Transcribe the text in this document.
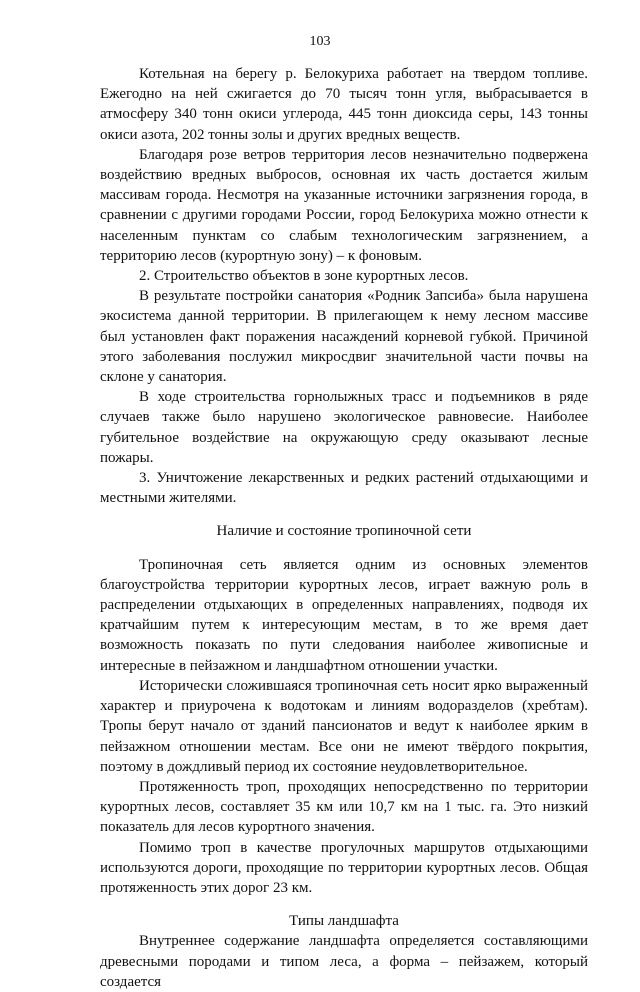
103

Котельная на берегу р. Белокуриха работает на твердом топливе. Ежегодно на ней сжигается до 70 тысяч тонн угля, выбрасывается в атмосферу 340 тонн окиси углерода, 445 тонн диоксида серы, 143 тонны окиси азота, 202 тонны золы и других вредных веществ.

Благодаря розе ветров территория лесов незначительно подвержена воздействию вредных выбросов, основная их часть достается жилым массивам города. Несмотря на указанные источники загрязнения города, в сравнении с другими городами России, город Белокуриха можно отнести к населенным пунктам со слабым технологическим загрязнением, а территорию лесов (курортную зону) – к фоновым.

2. Строительство объектов в зоне курортных лесов.

В результате постройки санатория «Родник Запсиба» была нарушена экосистема данной территории. В прилегающем к нему лесном массиве был установлен факт поражения насаждений корневой губкой. Причиной этого заболевания послужил микросдвиг значительной части почвы на склоне у санатория.

В ходе строительства горнолыжных трасс и подъемников в ряде случаев также было нарушено экологическое равновесие. Наиболее губительное воздействие на окружающую среду оказывают лесные пожары.

3. Уничтожение лекарственных и редких растений отдыхающими и местными жителями.

Наличие и состояние тропиночной сети

Тропиночная сеть является одним из основных элементов благоустройства территории курортных лесов, играет важную роль в распределении отдыхающих в определенных направлениях, подводя их кратчайшим путем к интересующим местам, в то же время дает возможность показать по пути следования наиболее живописные и интересные в пейзажном и ландшафтном отношении участки.

Исторически сложившаяся тропиночная сеть носит ярко выраженный характер и приурочена к водотокам и линиям водоразделов (хребтам). Тропы берут начало от зданий пансионатов и ведут к наиболее ярким в пейзажном отношении местам. Все они не имеют твёрдого покрытия, поэтому в дождливый период их состояние неудовлетворительное.

Протяженность троп, проходящих непосредственно по территории курортных лесов, составляет 35 км или 10,7 км на 1 тыс. га. Это низкий показатель для лесов курортного значения.

Помимо троп в качестве прогулочных маршрутов отдыхающими используются дороги, проходящие по территории курортных лесов. Общая протяженность этих дорог 23 км.

Типы ландшафта

Внутреннее содержание ландшафта определяется составляющими древесными породами и типом леса, а форма – пейзажем, который создается
